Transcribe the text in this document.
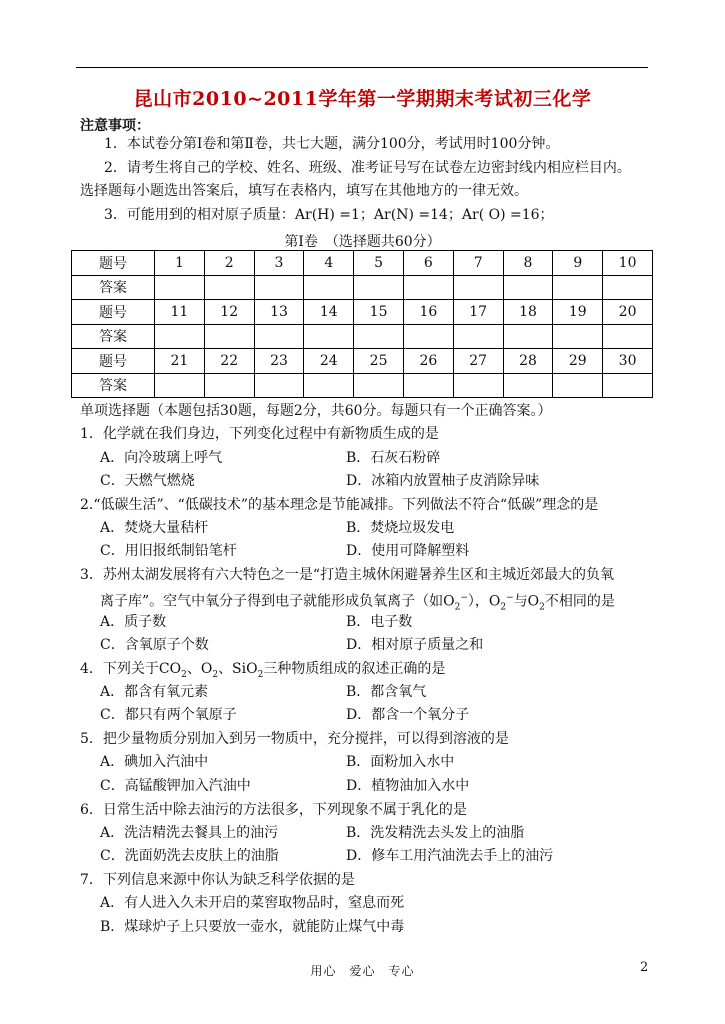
昆山市2010~2011学年第一学期期末考试初三化学
注意事项：
1．本试卷分第Ⅰ卷和第Ⅱ卷，共七大题，满分100分，考试用时100分钟。
2．请考生将自己的学校、姓名、班级、准考证号写在试卷左边密封线内相应栏目内。
选择题每小题选出答案后，填写在表格内，填写在其他地方的一律无效。
3．可能用到的相对原子质量：Ar(H) =1；Ar(N) =14；Ar( O) =16；
第Ⅰ卷　（选择题共60分）
题号	1	2	3	4	5	6	7	8	9	10
答案										
题号	11	12	13	14	15	16	17	18	19	20
答案										
题号	21	22	23	24	25	26	27	28	29	30
答案										
单项选择题（本题包括30题，每题2分，共60分。每题只有一个正确答案。）
1．化学就在我们身边，下列变化过程中有新物质生成的是
A．向冷玻璃上呼气	B．石灰石粉碎
C．天燃气燃烧	D．冰箱内放置柚子皮消除异味
2.“低碳生活”、“低碳技术”的基本理念是节能减排。下列做法不符合“低碳”理念的是
A．焚烧大量秸杆	B．焚烧垃圾发电
C．用旧报纸制铅笔杆	D．使用可降解塑料
3．苏州太湖发展将有六大特色之一是“打造主城休闲避暑养生区和主城近郊最大的负氧
离子库”。空气中氧分子得到电子就能形成负氧离子（如$O_2^-$），$O_2^-$与$O_2$不相同的是
A．质子数	B．电子数
C．含氧原子个数	D．相对原子质量之和
4．下列关于$CO_2$、$O_2$、SiO$_2$三种物质组成的叙述正确的是
A．都含有氧元素	B．都含氧气
C．都只有两个氧原子	D．都含一个氧分子
5．把少量物质分别加入到另一物质中，充分搅拌，可以得到溶液的是
A．碘加入汽油中	B．面粉加入水中
C．高锰酸钾加入汽油中	D．植物油加入水中
6．日常生活中除去油污的方法很多，下列现象不属于乳化的是
A．洗洁精洗去餐具上的油污	B．洗发精洗去头发上的油脂
C．洗面奶洗去皮肤上的油脂	D．修车工用汽油洗去手上的油污
7．下列信息来源中你认为缺乏科学依据的是
A．有人进入久未开启的菜窖取物品时，窒息而死
B．煤球炉子上只要放一壶水，就能防止煤气中毒
用心　爱心　专心	2
